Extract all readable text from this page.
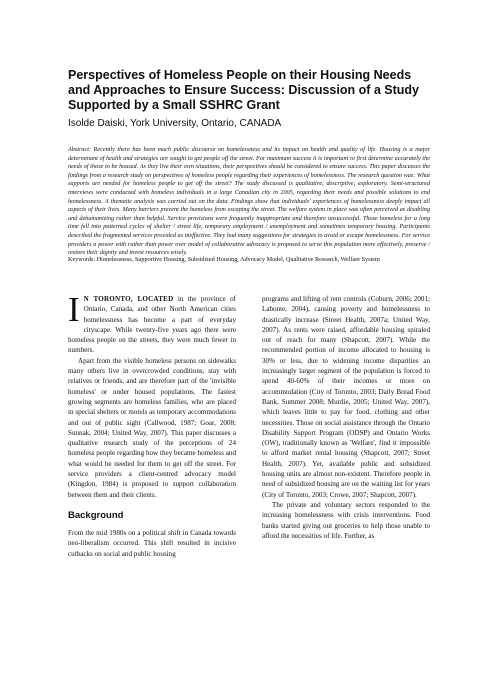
Perspectives of Homeless People on their Housing Needs and Approaches to Ensure Success: Discussion of a Study Supported by a Small SSHRC Grant

Isolde Daiski, York University, Ontario, CANADA

Abstract: Recently there has been much public discourse on homelessness and its impact on health and quality of life. Housing is a major determinant of health and strategies are sought to get people off the street. For maximum success it is important to first determine accurately the needs of those to be housed. As they live their own situations, their perspectives should be considered to ensure success. This paper discusses the findings from a research study on perspectives of homeless people regarding their experiences of homelessness. The research question was: What supports are needed for homeless people to get off the street? The study discussed is qualitative, descriptive, exploratory. Semi-structured interviews were conducted with homeless individuals in a large Canadian city in 2005, regarding their needs and possible solutions to end homelessness. A thematic analysis was carried out on the data. Findings show that individuals' experiences of homelessness deeply impact all aspects of their lives. Many barriers prevent the homeless from escaping the street. The welfare system in place was often perceived as disabling and dehumanizing rather than helpful. Service provisions were frequently inappropriate and therefore unsuccessful. Those homeless for a long time fell into patterned cycles of shelter / street life, temporary employment / unemployment and sometimes temporary housing. Participants described the fragmented services provided as ineffective. They had many suggestions for strategies to avoid or escape homelessness. For service providers a power with rather than power over model of collaborative advocacy is proposed to serve this population more effectively, preserve / restore their dignity and invest resources wisely.

Keywords: Homelessness, Supportive Housing, Subsidized Housing, Advocacy Model, Qualitative Research, Welfare System

I N TORONTO, LOCATED in the province of Ontario, Canada, and other North American cities homelessness has become a part of everyday cityscape. While twenty-five years ago there were homeless people on the streets, they were much fewer in numbers.

Apart from the visible homeless persons on sidewalks many others live in overcrowded conditions, stay with relatives or friends, and are therefore part of the 'invisible homeless' or under housed populations. The fastest growing segments are homeless families, who are placed in special shelters or motels as temporary accommodations and out of public sight (Callwood, 1987; Goar, 2008; Sunnak, 2004; United Way, 2007). This paper discusses a qualitative research study of the perceptions of 24 homeless people regarding how they became homeless and what would be needed for them to get off the street. For service providers a client-centred advocacy model (Kingdon, 1984) is proposed to support collaboration between them and their clients.

Background

From the mid 1980s on a political shift in Canada towards neo-liberalism occurred. This shift resulted in incisive cutbacks on social and public housing

programs and lifting of rent controls (Coburn, 2006; 2001; Labonte, 2004), causing poverty and homelessness to drastically increase (Street Health, 2007a; United Way, 2007). As rents were raised, affordable housing spiraled out of reach for many (Shapcott, 2007). While the recommended portion of income allocated to housing is 30% or less, due to widening income disparities an increasingly larger segment of the population is forced to spend 40-60% of their incomes or more on accommodation (City of Toronto, 2003; Daily Bread Food Bank, Summer 2008; Murdie, 2005; United Way, 2007), which leaves little to pay for food, clothing and other necessities. Those on social assistance through the Ontario Disability Support Program (ODSP) and Ontario Works (OW), traditionally known as 'Welfare', find it impossible to afford market rental housing (Shapcott, 2007; Street Health, 2007). Yet, available public and subsidized housing units are almost non-existent. Therefore people in need of subsidized housing are on the waiting list for years (City of Toronto, 2003; Crowe, 2007; Shapcott, 2007).

The private and voluntary sectors responded to the increasing homelessness with crisis interventions. Food banks started giving out groceries to help those unable to afford the necessities of life. Further, as
